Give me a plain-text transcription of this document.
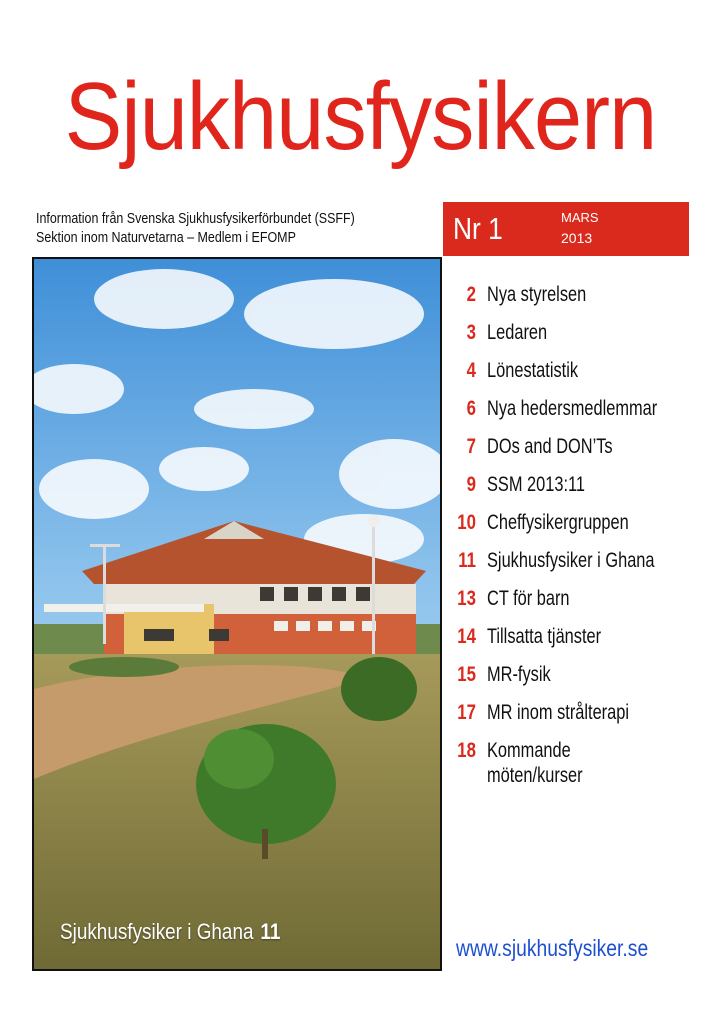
Sjukhusfysikern
Information från Svenska Sjukhusfysikerförbundet (SSFF)
Sektion inom Naturvetarna – Medlem i EFOMP	Nr 1	MARS
2013
Sjukhusfysiker i Ghana 11
2 Nya styrelsen
3 Ledaren
4 Lönestatistik
6 Nya hedersmedlemmar
7 DOs and DON’Ts
9 SSM 2013:11
10 Cheffysikergruppen
11 Sjukhusfysiker i Ghana
13 CT för barn
14 Tillsatta tjänster
15 MR-fysik
17 MR inom strålterapi
18 Kommande
möten/kurser
www.sjukhusfysiker.se
